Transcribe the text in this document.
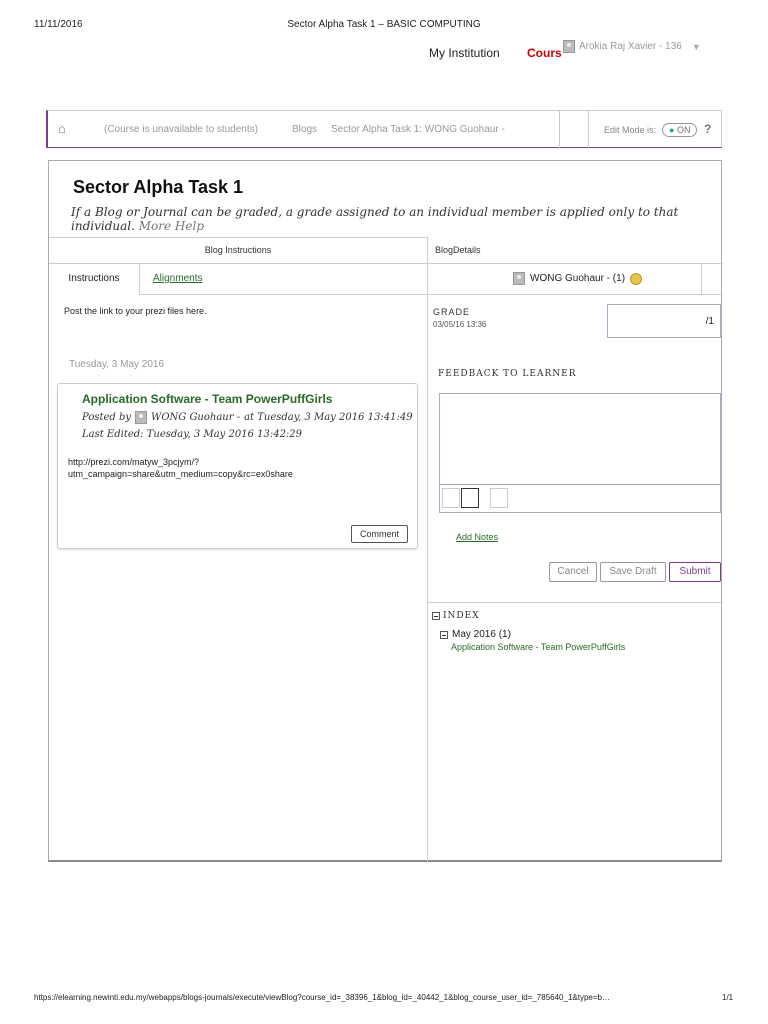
11/11/2016	Sector Alpha Task 1 – BASIC COMPUTING
My Institution Cours Arokia Raj Xavier - 136 ▼
⌂	(Course is unavailable to students)	Blogs Sector Alpha Task 1: WONG Guohaur -	Edit Mode is:	● ON	?
Sector Alpha Task 1
If a Blog or Journal can be graded, a grade assigned to an individual member is applied only to that individual. More Help
Blog Instructions
Instructions	Alignments
Post the link to your prezi files here.
Tuesday, 3 May 2016
Application Software - Team PowerPuffGirls
Posted by WONG Guohaur - at Tuesday, 3 May 2016 13:41:49
Last Edited: Tuesday, 3 May 2016 13:42:29
http://prezi.com/matyw_3pcjym/?
utm_campaign=share&utm_medium=copy&rc=ex0share
Comment
BlogDetails
WONG Guohaur - (1)
GRADE
03/05/16 13:36	/1
FEEDBACK TO LEARNER
Add Notes
Cancel	Save Draft	Submit
INDEX
May 2016 (1)
Application Software - Team PowerPuffGirls
https://elearning.newinti.edu.my/webapps/blogs-journals/execute/viewBlog?course_id=_38396_1&blog_id=_40442_1&blog_course_user_id=_785640_1&type=b…	1/1
